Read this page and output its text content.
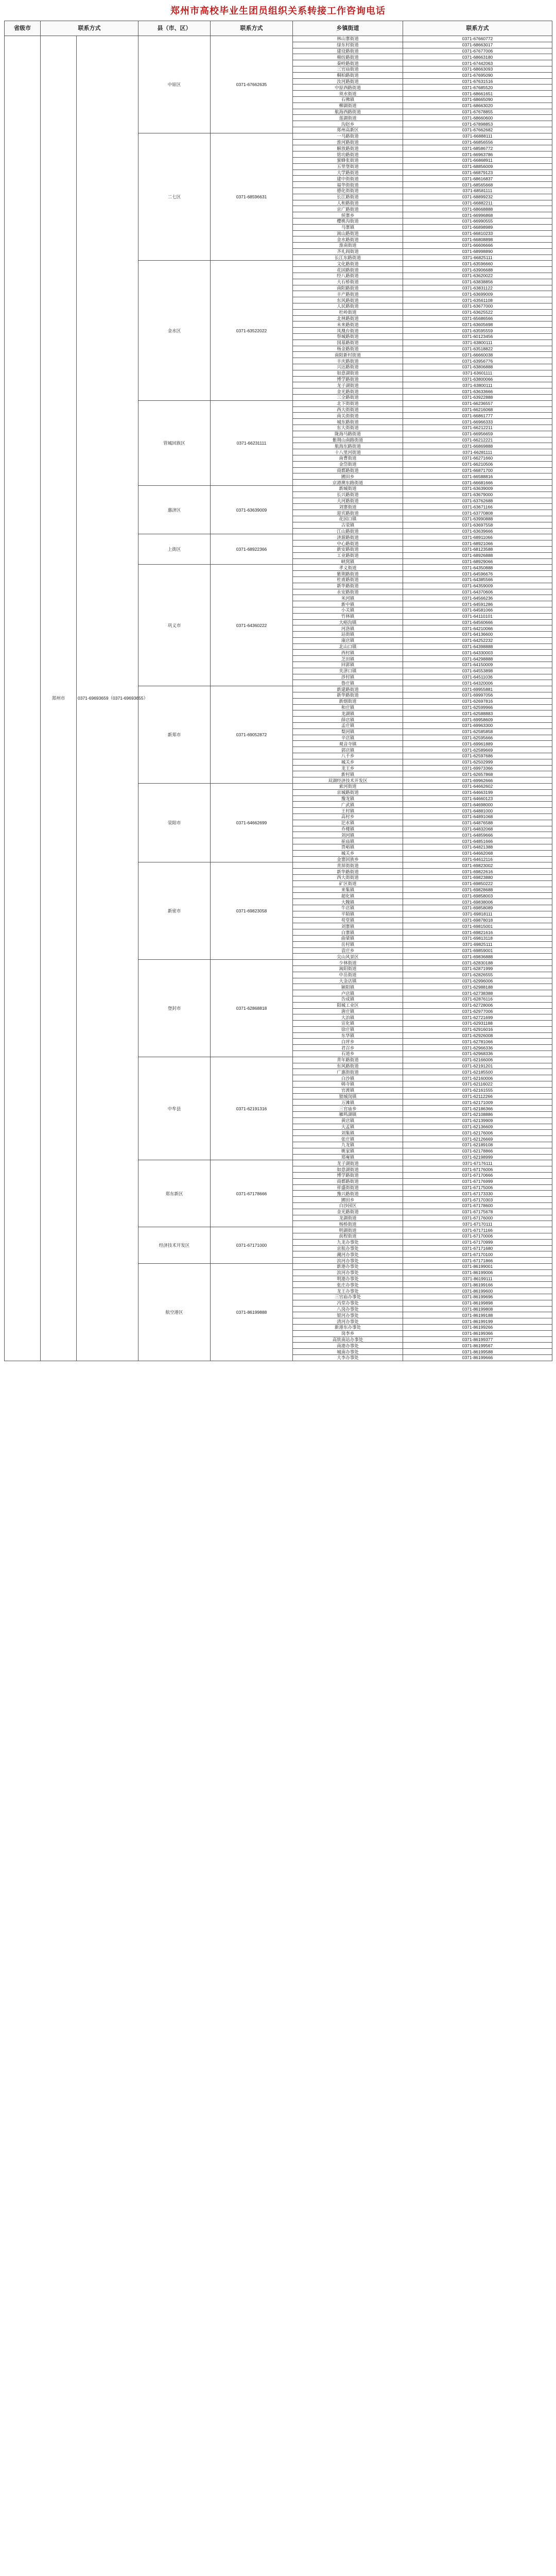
郑州市高校毕业生团员组织关系转接工作咨询电话
省级市	联系方式		县（市、区）	联系方式	乡镇街道	联系方式
	郑州市	0371-69693659（0371-69693655）	中原区	0371-67662635	林山寨街道	0371-67660772
					绿东村街道	0371-68663017
					建设路街道	0371-67677006
					棉纺路街道	0371-68663180
					秦岭路街道	0371-67442063
					三官庙街道	0371-68663093
					桐柏路街道	0371-67695090
					汝河路街道	0371-67631516
					中原西路街道	0371-67685520
					须水街道	0371-68661651
					石佛镇	0371-68665090
					柳湖街道	0371-68663020
					航海西路街道	0371-67678855
					莲湖街道	0371-68660600
					沟赵乡	0371-67898853
					郑州高新区	0371-67662682
			二七区	0371-68596631	一马路街道	0371-66888111
					淮河路街道	0371-66856556
					解放路街道	0371-68586772
					铭功路街道	0371-66963786
					蜜蜂张街道	0371-66868911
					五里堡街道	0371-68856009
					大学路街道	0371-66879123
					建中街街道	0371-68616837
					福华街街道	0371-68565668
					德化街街道	0371-68581111
					长江路街道	0371-68899232
					人和路街道	0371-66882211
					京广路街道	0371-68668888
					侯寨乡	0371-66996868
					樱桃沟街道	0371-66990555
					马寨镇	0371-66898989
					嵩山路街道	0371-66810233
					金水路街道	0371-66808898
					淮南街道	0371-66606666
					齐礼阎街道	0371-68998890
					长江东路街道	0371-66825111
			金水区	0371-63522022	文化路街道	0371-63596660
					花园路街道	0371-63906688
					经八路街道	0371-63620022
					大石桥街道	0371-63838856
					南阳路街道	0371-63831122
					丰产路街道	0371-63699009
					东风路街道	0371-63561108
					人民路街道	0371-63677000
					杜岭街道	0371-63625522
					北林路街道	0371-65686566
					未来路街道	0371-63605698
					凤凰台街道	0371-63595559
					祭城路街道	0371-60123456
					国基路街道	0371-63800111
					杨金路街道	0371-63518822
					南阳新村街道	0371-66660038
					丰庆路街道	0371-63956776
					兴达路街道	0371-63806888
					如意湖街道	0371-63601111
					博学路街道	0371-63800066
					龙子湖街道	0371-63800111
					金光路街道	0371-63633666
					三全路街道	0371-63922888
			管城回族区	0371-66231111	北下街街道	0371-66236557
					西大街街道	0371-66216068
					南关街街道	0371-66861777
					城东路街道	0371-66966333
					东大街街道	0371-66212211
					陇海马路街道	0371-66956659
					紫荆山南路街道	0371-66212221
					航海东路街道	0371-66869888
					十八里河街道	0371-66281111
					南曹街道	0371-66271660
					金岱街道	0371-66210506
					商都路街道	0371-66871700
					圃田乡	0371-66588816
					京港澳东路街道	0371-66681666
			惠济区	0371-63639009	新城街道	0371-63639009
					长兴路街道	0371-63679000
					大河路街道	0371-63762688
					刘寨街道	0371-63671166
					迎宾路街道	0371-63770808
					花园口镇	0371-63990888
					古荥镇	0371-63697558
					江山路街道	0371-63639666
			上街区	0371-68922366	济源路街道	0371-68911066
					中心路街道	0371-68921066
					新安路街道	0371-68123588
					工业路街道	0371-68926888
					峡窝镇	0371-68929066
			巩义市	0371-64360222	孝义街道	0371-64350888
					紫荆路街道	0371-64596676
					杜甫路街道	0371-64385566
					新华路街道	0371-64359009
					永安路街道	0371-64370606
					米河镇	0371-64566236
					新中镇	0371-64591286
					小关镇	0371-64581066
					竹林镇	0371-64110101
					大峪沟镇	0371-64560666
					河洛镇	0371-64210066
					站街镇	0371-64136600
					康店镇	0371-64252232
					北山口镇	0371-64398888
					西村镇	0371-64330003
					芝田镇	0371-64298888
					回郭镇	0371-64150009
					夹津口镇	0371-64553898
					涉村镇	0371-64511036
					鲁庄镇	0371-64320006
			新郑市	0371-69052872	新建路街道	0371-69955881
					新华路街道	0371-69997056
					新烟街道	0371-62697816
					和庄镇	0371-62599966
					龙湖镇	0371-62588883
					薛店镇	0371-69958609
					孟庄镇	0371-69963300
					梨河镇	0371-62585858
					辛店镇	0371-62595666
					观音寺镇	0371-69961889
					郭店镇	0371-62589669
					八千乡	0371-62597686
					城关乡	0371-62502999
					龙王乡	0371-69973366
					新村镇	0371-62657868
					双湖经济技术开发区	0371-69962666
			荥阳市	0371-64662699	索河街道	0371-64662602
					京城路街道	0371-64663199
					豫龙镇	0371-64660123
					广武镇	0371-64698000
					王村镇	0371-64881000
					高村乡	0371-64891068
					汜水镇	0371-64876588
					乔楼镇	0371-64832068
					刘河镇	0371-64859666
					崔庙镇	0371-64851666
					贾峪镇	0371-64821388
					城关乡	0371-64662068
					金寨回族乡	0371-64612116
			新密市	0371-69823058	青屏街街道	0371-69823002
					新华路街道	0371-69822616
					西大街街道	0371-69823880
					矿区街道	0371-69850222
					来集镇	0371-69828688
					超化镇	0371-69858003
					大隗镇	0371-69838006
					牛店镇	0371-69858089
					平陌镇	0371-69818111
					苟堂镇	0371-69878018
					刘寨镇	0371-69815001
					白寨镇	0371-69821616
					曲梁镇	0371-69813118
					岳村镇	0371-69825111
					袁庄乡	0371-69859001
					尖山风景区	0371-69836888
			登封市	0371-62868818	少林街道	0371-62830188
					嵩阳街道	0371-62871999
					中岳街道	0371-62826555
					大金店镇	0371-62996006
					颍阳镇	0371-62988188
					卢店镇	0371-62738388
					告成镇	0371-62876116
					阳城工业区	0371-62728006
					唐庄镇	0371-62977006
					大冶镇	0371-62721699
					宣化镇	0371-62931188
					徐庄镇	0371-62916016
					东华镇	0371-62926008
					白坪乡	0371-62781066
					君召乡	0371-62966336
					石道乡	0371-62968336
			中牟县	0371-62191316	青年路街道	0371-62166006
					东风路街道	0371-62191201
					广惠街街道	0371-62185500
					白沙镇	0371-62160006
					韩寺镇	0371-62116022
					官渡镇	0371-62161555
					狼城岗镇	0371-62112266
					万滩镇	0371-62171009
					三官庙乡	0371-62186366
					雁鸣湖镇	0371-62108886
					黄店镇	0371-62139909
					大孟镇	0371-62136609
					刘集镇	0371-62176006
					张庄镇	0371-62126669
					九龙镇	0371-62189108
					姚家镇	0371-62178866
					郑庵镇	0371-62198999
			郑东新区	0371-67178666	龙子湖街道	0371-67176111
					如意湖街道	0371-67176006
					博学路街道	0371-67170666
					商都路街道	0371-67176999
					祥盛街街道	0371-67175006
					豫兴路街道	0371-67173330
					圃田乡	0371-67170303
					白沙园区	0371-67178600
					金光路街道	0371-67175678
					龙湖街道	0371-67176000
					杨桥街道	0371-67170111
			经济技术开发区	0371-67171000	明湖街道	0371-67171166
					前程街道	0371-67170006
					九龙办事处	0371-67170999
					京航办事处	0371-67171680
					潮河办事处	0371-67170100
					滨河办事处	0371-67171866
			航空港区	0371-86199888	新港办事处	0371-86199001
					滨河办事处	0371-86199006
					明港办事处	0371-86199111
					张庄办事处	0371-86199166
					龙王办事处	0371-86199600
					三官庙办事处	0371-86199696
					冯堂办事处	0371-86199898
					八岗办事处	0371-86199808
					银河办事处	0371-86199188
					清河办事处	0371-86199199
					新港东办事处	0371-86199266
					岗李乡	0371-86199366
					高铁南站办事处	0371-86199377
					南港办事处	0371-86199567
					城南办事处	0371-86199588
					大李办事处	0371-86199666
